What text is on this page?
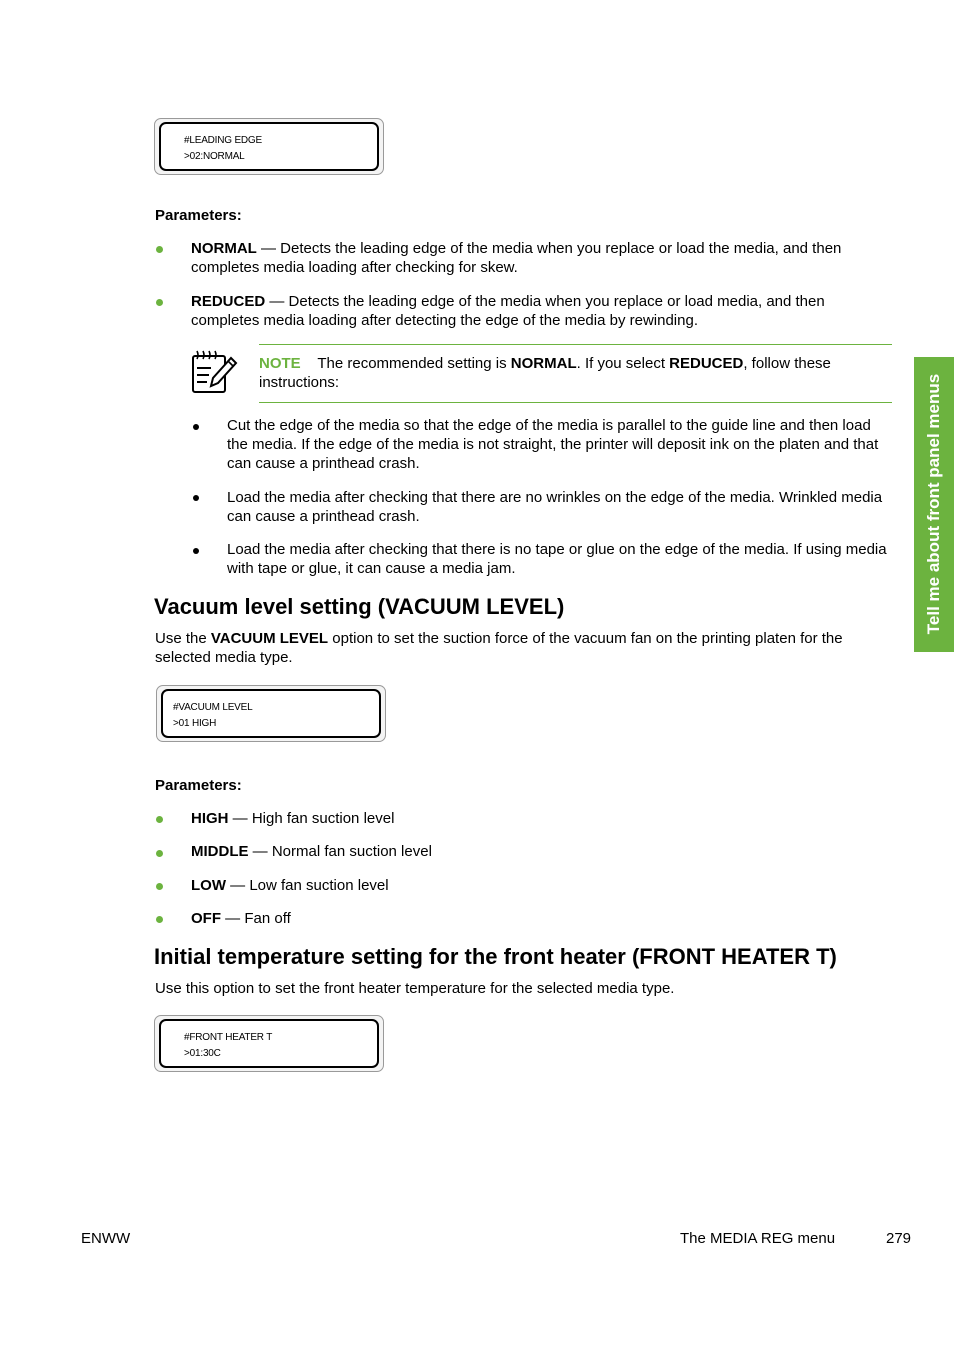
#LEADING EDGE
>02:NORMAL
Parameters:
NORMAL — Detects the leading edge of the media when you replace or load the media, and then completes media loading after checking for skew.
REDUCED — Detects the leading edge of the media when you replace or load media, and then completes media loading after detecting the edge of the media by rewinding.
NOTE The recommended setting is NORMAL. If you select REDUCED, follow these instructions:
Cut the edge of the media so that the edge of the media is parallel to the guide line and then load the media. If the edge of the media is not straight, the printer will deposit ink on the platen and that can cause a printhead crash.
Load the media after checking that there are no wrinkles on the edge of the media. Wrinkled media can cause a printhead crash.
Load the media after checking that there is no tape or glue on the edge of the media. If using media with tape or glue, it can cause a media jam.
Vacuum level setting (VACUUM LEVEL)
Use the VACUUM LEVEL option to set the suction force of the vacuum fan on the printing platen for the selected media type.
#VACUUM LEVEL
>01 HIGH
Parameters:
HIGH — High fan suction level
MIDDLE — Normal fan suction level
LOW — Low fan suction level
OFF — Fan off
Initial temperature setting for the front heater (FRONT HEATER T)
Use this option to set the front heater temperature for the selected media type.
#FRONT HEATER T
>01:30C
Tell me about front panel menus
ENWW	The MEDIA REG menu	279
